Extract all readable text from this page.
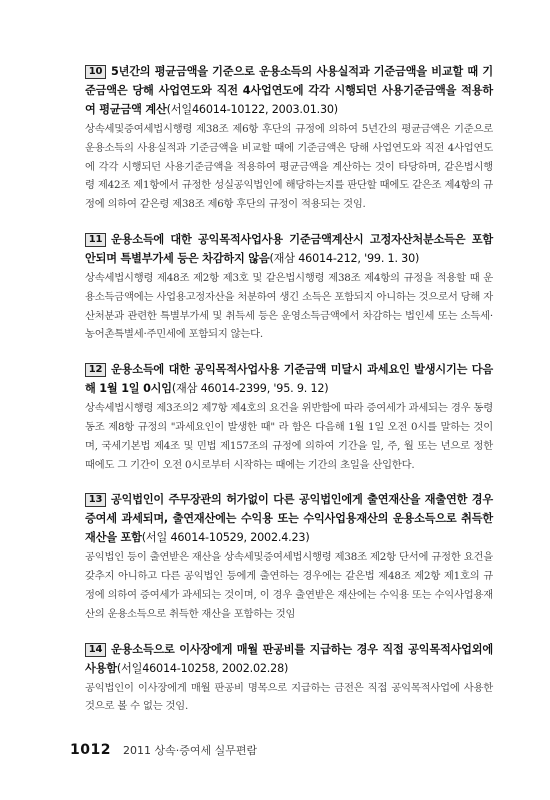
10 5년간의 평균금액을 기준으로 운용소득의 사용실적과 기준금액을 비교할 때 기준금액은 당해 사업연도와 직전 4사업연도에 각각 시행되던 사용기준금액을 적용하여 평균금액 계산(서일46014-10122, 2003.01.30)
상속세및증여세법시행령 제38조 제6항 후단의 규정에 의하여 5년간의 평균금액은 기준으로 운용소득의 사용실적과 기준금액을 비교할 때에 기준금액은 당해 사업연도와 직전 4사업연도에 각각 시행되던 사용기준금액을 적용하여 평균금액을 계산하는 것이 타당하며, 같은법시행령 제42조 제1항에서 규정한 성실공익법인에 해당하는지를 판단할 때에도 같은조 제4항의 규정에 의하여 같은령 제38조 제6항 후단의 규정이 적용되는 것임.
11 운용소득에 대한 공익목적사업사용 기준금액계산시 고정자산처분소득은 포함 안되며 특별부가세 등은 차감하지 않음(재삼 46014-212, '99. 1. 30)
상속세법시행령 제48조 제2항 제3호 및 같은법시행령 제38조 제4항의 규정을 적용할 때 운용소득금액에는 사업용고정자산을 처분하여 생긴 소득은 포함되지 아니하는 것으로서 당해 자산처분과 관련한 특별부가세 및 취득세 등은 운영소득금액에서 차감하는 법인세 또는 소득세·농어촌특별세·주민세에 포함되지 않는다.
12 운용소득에 대한 공익목적사업사용 기준금액 미달시 과세요인 발생시기는 다음해 1월 1일 0시임(재삼 46014-2399, '95. 9. 12)
상속세법시행령 제3조의2 제7항 제4호의 요건을 위반함에 따라 증여세가 과세되는 경우 동령 동조 제8항 규정의 "과세요인이 발생한 때" 라 함은 다음해 1월 1일 오전 0시를 말하는 것이며, 국세기본법 제4조 및 민법 제157조의 규정에 의하여 기간을 일, 주, 월 또는 년으로 정한 때에도 그 기간이 오전 0시로부터 시작하는 때에는 기간의 초일을 산입한다.
13 공익법인이 주무장관의 허가없이 다른 공익법인에게 출연재산을 재출연한 경우 증여세 과세되며, 출연재산에는 수익용 또는 수익사업용재산의 운용소득으로 취득한 재산을 포함(서일 46014-10529, 2002.4.23)
공익법인 등이 출연받은 재산을 상속세및증여세법시행령 제38조 제2항 단서에 규정한 요건을 갖추지 아니하고 다른 공익법인 등에게 출연하는 경우에는 같은법 제48조 제2항 제1호의 규정에 의하여 증여세가 과세되는 것이며, 이 경우 출연받은 재산에는 수익용 또는 수익사업용재산의 운용소득으로 취득한 재산을 포함하는 것임
14 운용소득으로 이사장에게 매월 판공비를 지급하는 경우 직접 공익목적사업외에 사용함(서일46014-10258, 2002.02.28)
공익법인이 이사장에게 매월 판공비 명목으로 지급하는 금전은 직접 공익목적사업에 사용한 것으로 볼 수 없는 것임.
1012 2011 상속·증여세 실무편람
